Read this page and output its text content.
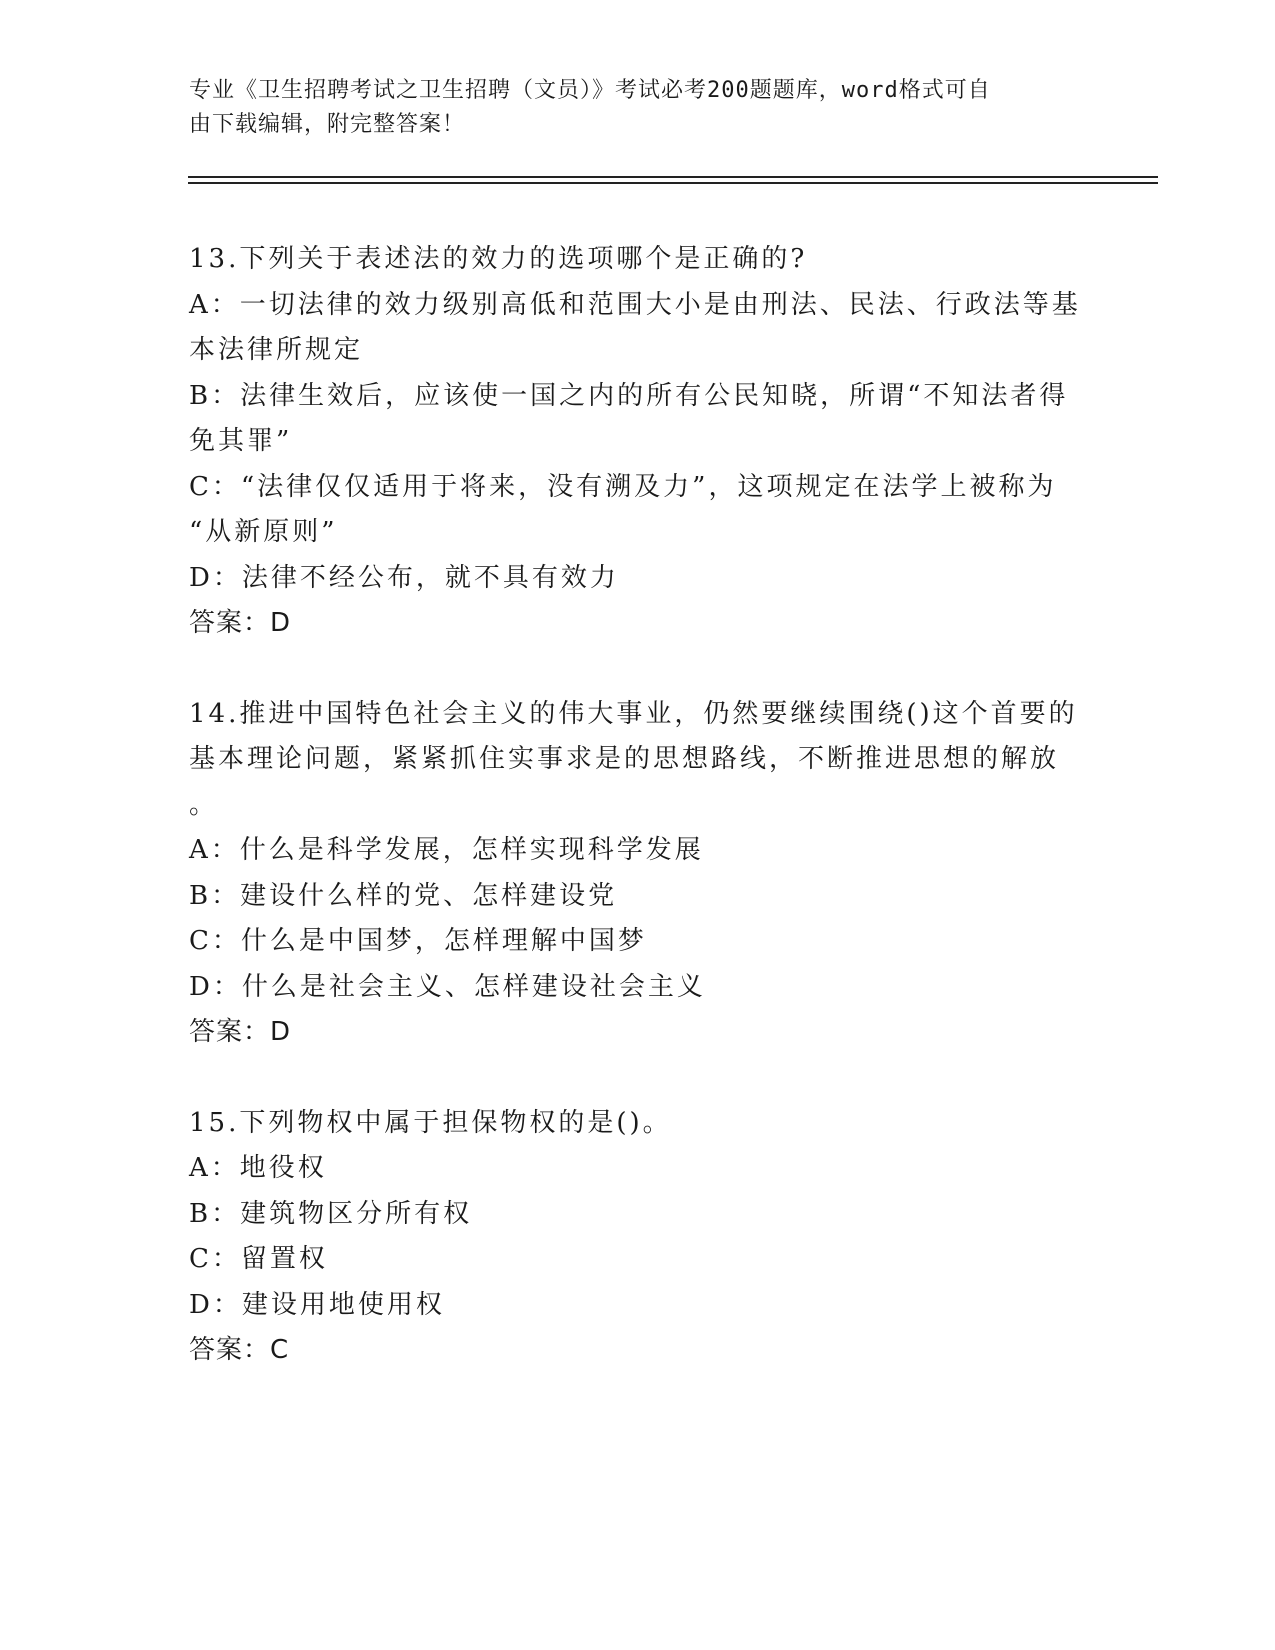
专业《卫生招聘考试之卫生招聘（文员）》考试必考200题题库，word格式可自
由下载编辑，附完整答案！

13.下列关于表述法的效力的选项哪个是正确的?

A：一切法律的效力级别高低和范围大小是由刑法、民法、行政法等基

本法律所规定

B：法律生效后，应该使一国之内的所有公民知晓，所谓“不知法者得

免其罪”

C：“法律仅仅适用于将来，没有溯及力”，这项规定在法学上被称为

“从新原则”

D：法律不经公布，就不具有效力

答案：D

14.推进中国特色社会主义的伟大事业，仍然要继续围绕()这个首要的

基本理论问题，紧紧抓住实事求是的思想路线，不断推进思想的解放

。

A：什么是科学发展，怎样实现科学发展

B：建设什么样的党、怎样建设党

C：什么是中国梦，怎样理解中国梦

D：什么是社会主义、怎样建设社会主义

答案：D

15.下列物权中属于担保物权的是()。

A：地役权

B：建筑物区分所有权

C：留置权

D：建设用地使用权

答案：C
